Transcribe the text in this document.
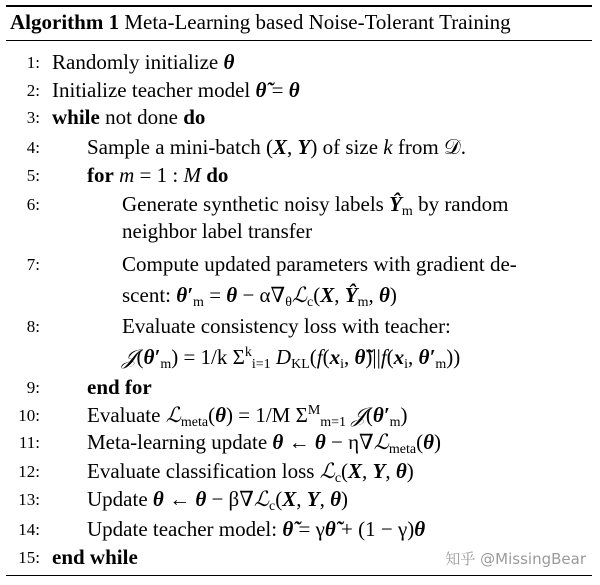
Algorithm 1 Meta-Learning based Noise-Tolerant Training
1: Randomly initialize θ
2: Initialize teacher model θ̃ = θ
3: while not done do
4: Sample a mini-batch (X, Y) of size k from 𝒟.
5: for m = 1 : M do
6:	Generate synthetic noisy labels $Ŷ_m$ by random
neighbor label transfer
7:	Compute updated parameters with gradient de-
scent: $\theta'_m = \theta$ − $\alpha\nabla_\theta ℒ_c(X$, $Ŷ_m$, θ)
8:	Evaluate consistency loss with teacher:
$𝒥(\theta'_m) = 1/k$ $\Sigma^k_{i=1}$ $D_{KL}(f(x_i$, $\thetã)||f(x_i$, $\theta'_m$))
9: end for
10: Evaluate ℒ$_{meta}$(θ) = 1/M $\Sigma^M_{m=1}$ $𝒥(\theta'_m)$
11: Meta-learning update θ ← θ − η∇ℒ$_{meta}$(θ)
12: Evaluate classification loss ℒ$_c$(X, Y, θ)
13: Update θ ← θ − β∇ℒ$_c$(X, Y, θ)
14: Update teacher model: θ̃ = γθ̃ + (1 − γ)θ
15: end while	知乎 @MissingBear
